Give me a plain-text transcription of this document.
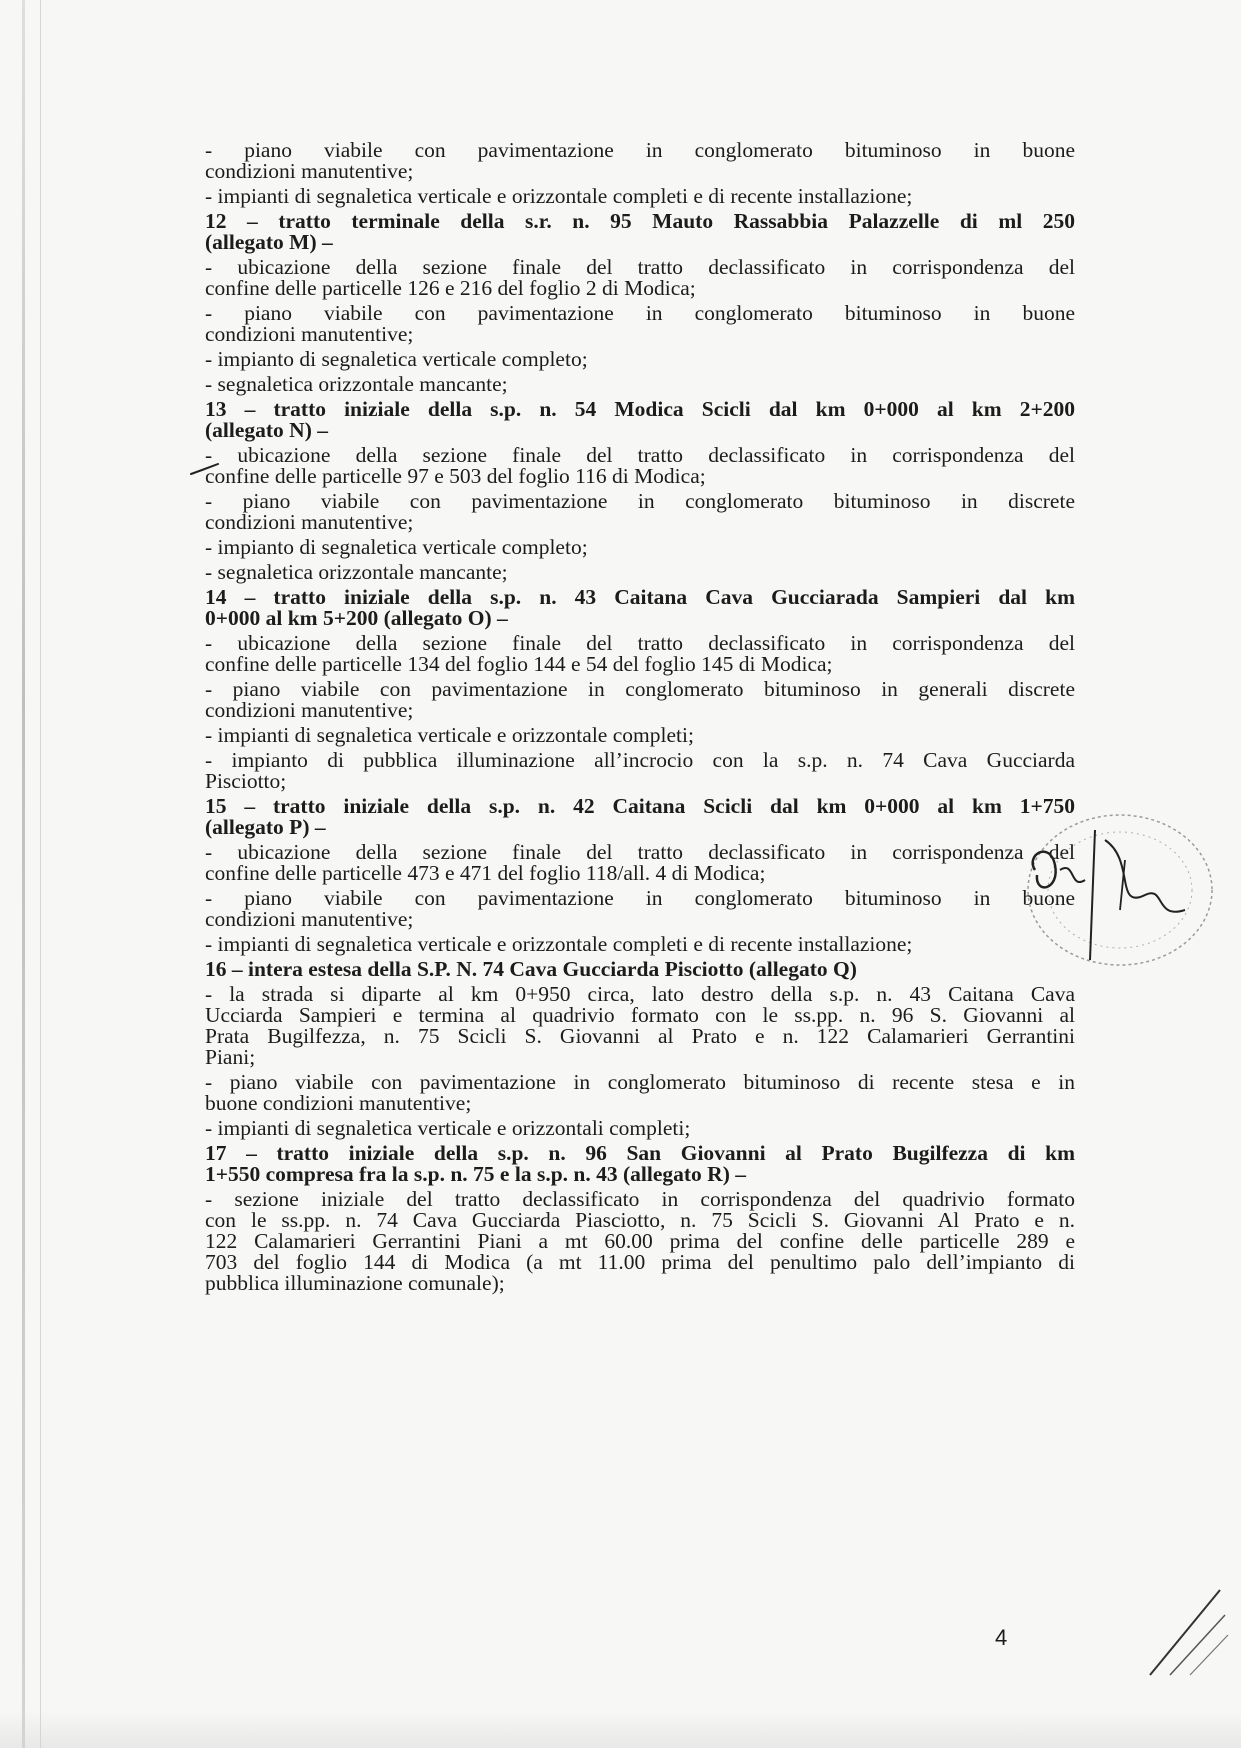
- piano viabile con pavimentazione in conglomerato bituminoso in buone
condizioni manutentive;
- impianti di segnaletica verticale e orizzontale completi e di recente installazione;
12 – tratto terminale della s.r. n. 95 Mauto Rassabbia Palazzelle di ml 250
(allegato M) –
- ubicazione della sezione finale del tratto declassificato in corrispondenza del
confine delle particelle 126 e 216 del foglio 2 di Modica;
- piano viabile con pavimentazione in conglomerato bituminoso in buone
condizioni manutentive;
- impianto di segnaletica verticale completo;
- segnaletica orizzontale mancante;
13 – tratto iniziale della s.p. n. 54 Modica Scicli dal km 0+000 al km 2+200
(allegato N) –
- ubicazione della sezione finale del tratto declassificato in corrispondenza del
confine delle particelle 97 e 503 del foglio 116 di Modica;
- piano viabile con pavimentazione in conglomerato bituminoso in discrete
condizioni manutentive;
- impianto di segnaletica verticale completo;
- segnaletica orizzontale mancante;
14 – tratto iniziale della s.p. n. 43 Caitana Cava Gucciarada Sampieri dal km
0+000 al km 5+200 (allegato O) –
- ubicazione della sezione finale del tratto declassificato in corrispondenza del
confine delle particelle 134 del foglio 144 e 54 del foglio 145 di Modica;
- piano viabile con pavimentazione in conglomerato bituminoso in generali discrete
condizioni manutentive;
- impianti di segnaletica verticale e orizzontale completi;
- impianto di pubblica illuminazione all’incrocio con la s.p. n. 74 Cava Gucciarda
Pisciotto;
15 – tratto iniziale della s.p. n. 42 Caitana Scicli dal km 0+000 al km 1+750
(allegato P) –
- ubicazione della sezione finale del tratto declassificato in corrispondenza del
confine delle particelle 473 e 471 del foglio 118/all. 4 di Modica;
- piano viabile con pavimentazione in conglomerato bituminoso in buone
condizioni manutentive;
- impianti di segnaletica verticale e orizzontale completi e di recente installazione;
16 – intera estesa della S.P. N. 74 Cava Gucciarda Pisciotto (allegato Q)
- la strada si diparte al km 0+950 circa, lato destro della s.p. n. 43 Caitana Cava
Ucciarda Sampieri e termina al quadrivio formato con le ss.pp. n. 96 S. Giovanni al
Prata Bugilfezza, n. 75 Scicli S. Giovanni al Prato e n. 122 Calamarieri Gerrantini
Piani;
- piano viabile con pavimentazione in conglomerato bituminoso di recente stesa e in
buone condizioni manutentive;
- impianti di segnaletica verticale e orizzontali completi;
17 – tratto iniziale della s.p. n. 96 San Giovanni al Prato Bugilfezza di km
1+550 compresa fra la s.p. n. 75 e la s.p. n. 43 (allegato R) –
- sezione iniziale del tratto declassificato in corrispondenza del quadrivio formato
con le ss.pp. n. 74 Cava Gucciarda Piasciotto, n. 75 Scicli S. Giovanni Al Prato e n.
122 Calamarieri Gerrantini Piani a mt 60.00 prima del confine delle particelle 289 e
703 del foglio 144 di Modica (a mt 11.00 prima del penultimo palo dell’impianto di
pubblica illuminazione comunale);
4
